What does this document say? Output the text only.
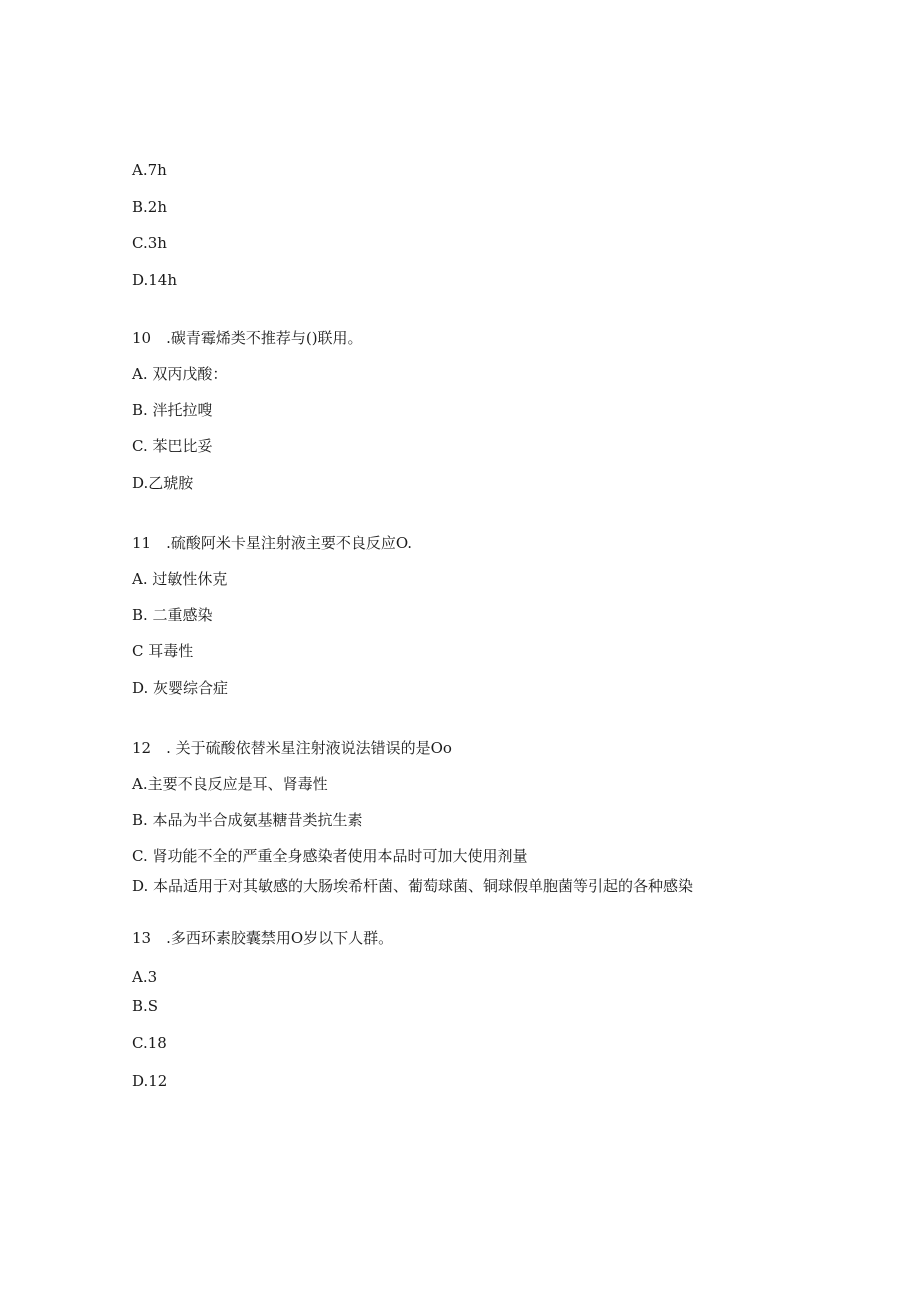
A.7h

B.2h

C.3h

D.14h

10　.碳青霉烯类不推荐与()联用。

A. 双丙戊酸：

B. 泮托拉嗖

C. 苯巴比妥

D.乙琥胺

11　.硫酸阿米卡星注射液主要不良反应O.

A. 过敏性休克

B. 二重感染

C 耳毒性

D. 灰婴综合症

12　. 关于硫酸依替米星注射液说法错误的是Oo

A.主要不良反应是耳、肾毒性

B. 本品为半合成氨基糖昔类抗生素

C. 肾功能不全的严重全身感染者使用本品时可加大使用剂量

D. 本品适用于对其敏感的大肠埃希杆菌、葡萄球菌、铜球假单胞菌等引起的各种感染

13　.多西环素胶囊禁用O岁以下人群。

A.3

B.S

C.18

D.12
